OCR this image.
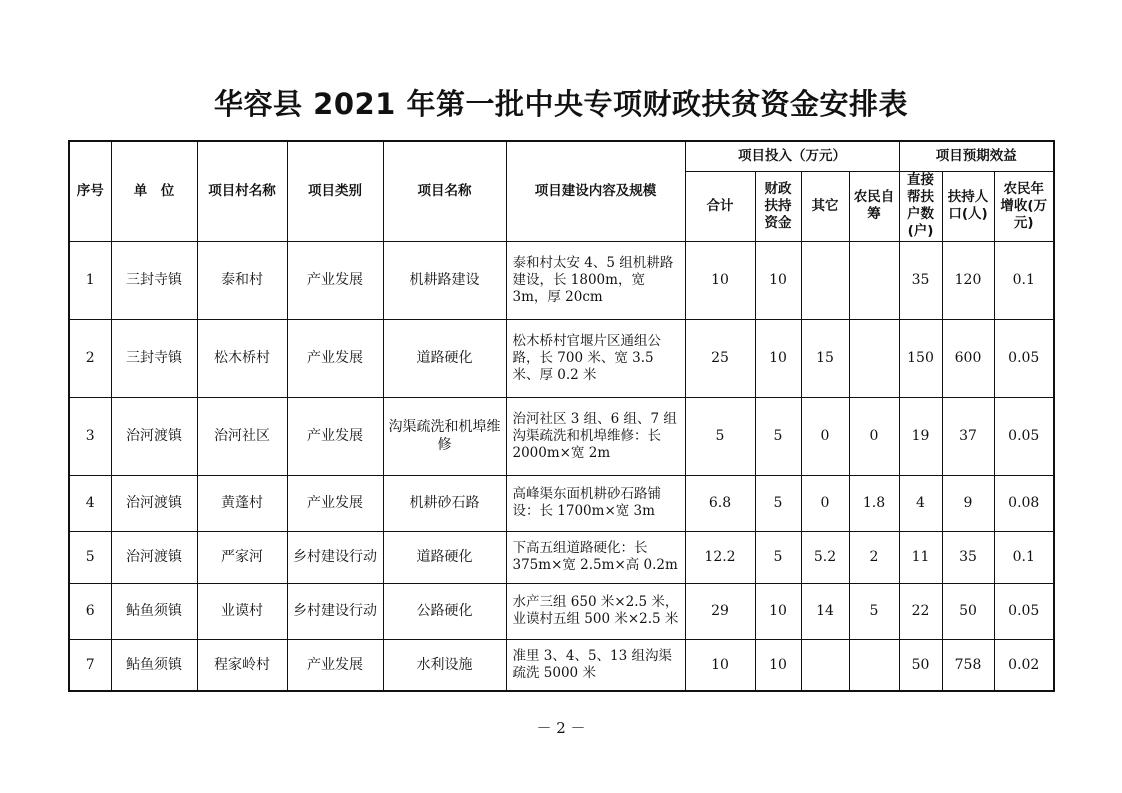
华容县 2021 年第一批中央专项财政扶贫资金安排表
序号	单　位	项目村名称	项目类别	项目名称	项目建设内容及规模	项目投入（万元）				项目预期效益		
						合计	财政扶持资金	其它	农民自筹	直接帮扶户数(户)	扶持人口(人)	农民年增收(万元)
1	三封寺镇	泰和村	产业发展	机耕路建设	泰和村太安 4、5 组机耕路建设，长 1800m，宽 3m，厚 20cm	10	10			35	120	0.1
2	三封寺镇	松木桥村	产业发展	道路硬化	松木桥村官堰片区通组公路，长 700 米、宽 3.5 米、厚 0.2 米	25	10	15		150	600	0.05
3	治河渡镇	治河社区	产业发展	沟渠疏洗和机埠维修	治河社区 3 组、6 组、7 组沟渠疏洗和机埠维修：长 2000m×宽 2m	5	5	0	0	19	37	0.05
4	治河渡镇	黄蓬村	产业发展	机耕砂石路	高峰渠东面机耕砂石路铺设：长 1700m×宽 3m	6.8	5	0	1.8	4	9	0.08
5	治河渡镇	严家河	乡村建设行动	道路硬化	下高五组道路硬化：长 375m×宽 2.5m×高 0.2m	12.2	5	5.2	2	11	35	0.1
6	鲇鱼须镇	业谟村	乡村建设行动	公路硬化	水产三组 650 米×2.5 米，业谟村五组 500 米×2.5 米	29	10	14	5	22	50	0.05
7	鲇鱼须镇	程家岭村	产业发展	水利设施	准里 3、4、5、13 组沟渠疏洗 5000 米	10	10			50	758	0.02
－ 2 －
